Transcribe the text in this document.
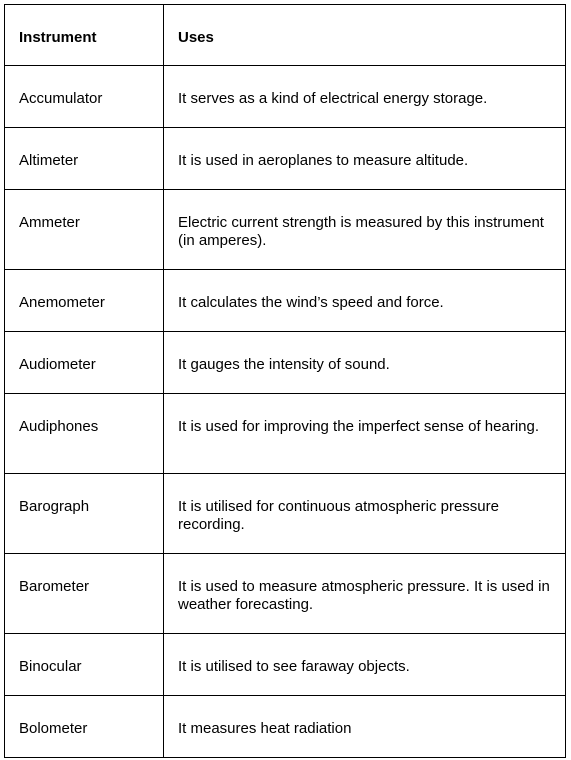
Instrument	Uses
Accumulator	It serves as a kind of electrical energy storage.
Altimeter	It is used in aeroplanes to measure altitude.
Ammeter	Electric current strength is measured by this instrument (in amperes).
Anemometer	It calculates the wind’s speed and force.
Audiometer	It gauges the intensity of sound.
Audiphones	It is used for improving the imperfect sense of hearing.
Barograph	It is utilised for continuous atmospheric pressure recording.
Barometer	It is used to measure atmospheric pressure. It is used in weather forecasting.
Binocular	It is utilised to see faraway objects.
Bolometer	It measures heat radiation
